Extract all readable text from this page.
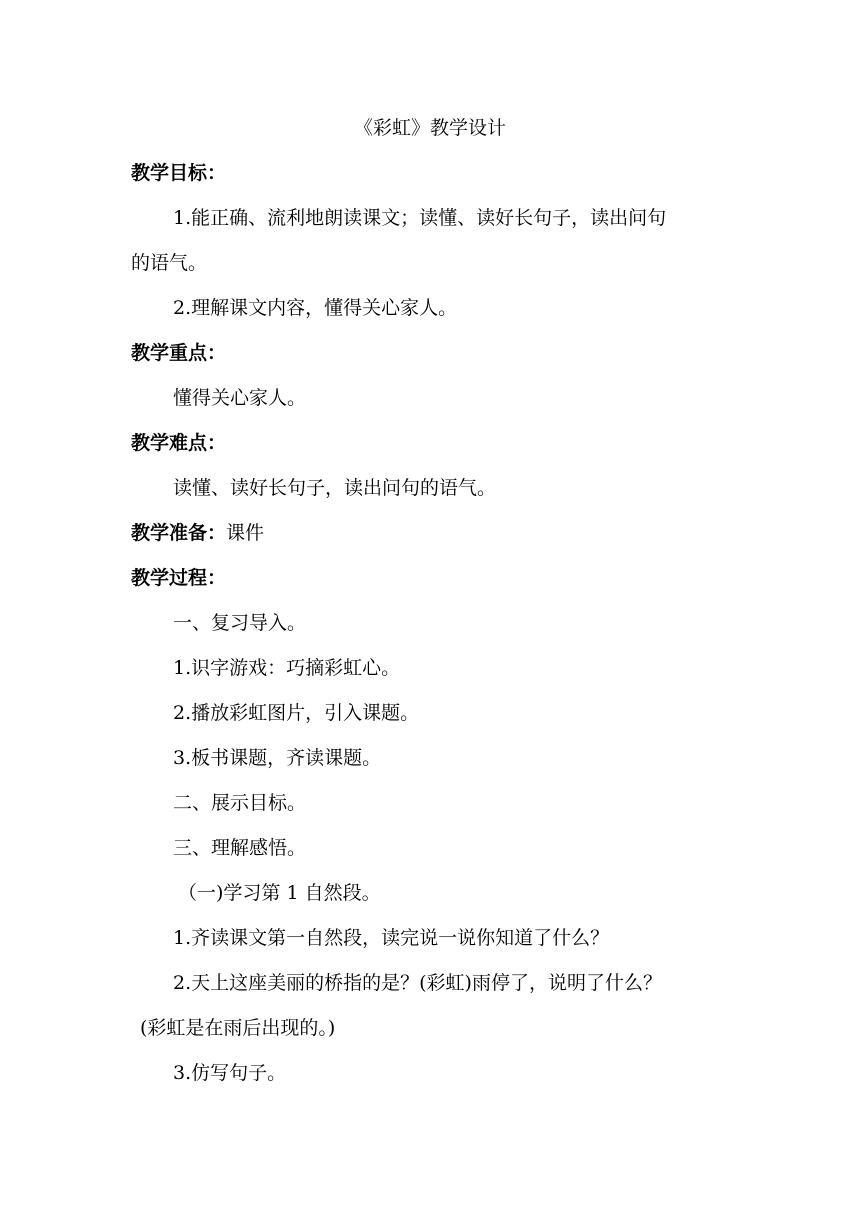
《彩虹》教学设计
教学目标：
1.能正确、流利地朗读课文；读懂、读好长句子，读出问句
的语气。
2.理解课文内容，懂得关心家人。
教学重点：
懂得关心家人。
教学难点：
读懂、读好长句子，读出问句的语气。
教学准备：课件
教学过程：
一、复习导入。
1.识字游戏：巧摘彩虹心。
2.播放彩虹图片，引入课题。
3.板书课题，齐读课题。
二、展示目标。
三、理解感悟。
（一)学习第 1 自然段。
1.齐读课文第一自然段，读完说一说你知道了什么？
2.天上这座美丽的桥指的是？(彩虹)雨停了，说明了什么？
(彩虹是在雨后出现的。)
3.仿写句子。
